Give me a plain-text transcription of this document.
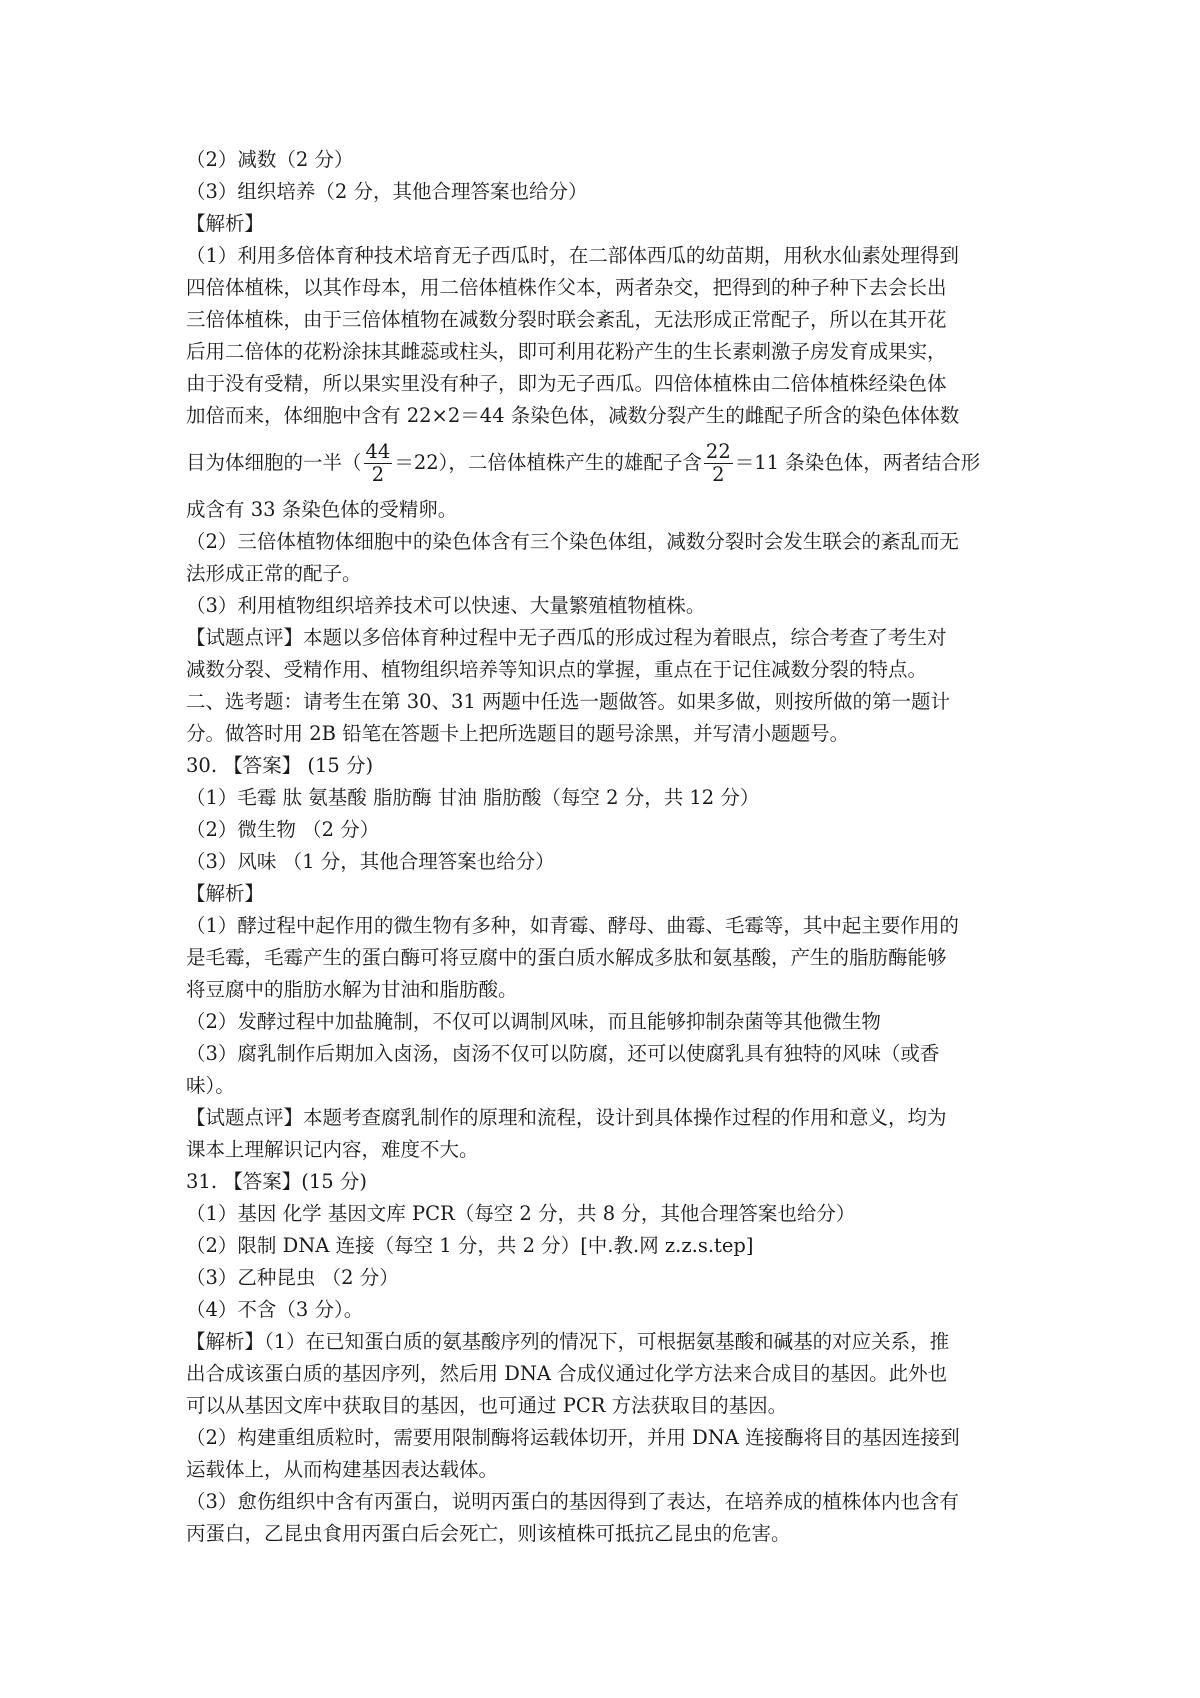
（2）减数（2 分）
（3）组织培养（2 分，其他合理答案也给分）
【解析】
（1）利用多倍体育种技术培育无子西瓜时，在二部体西瓜的幼苗期，用秋水仙素处理得到
四倍体植株，以其作母本，用二倍体植株作父本，两者杂交，把得到的种子种下去会长出
三倍体植株，由于三倍体植物在减数分裂时联会紊乱，无法形成正常配子，所以在其开花
后用二倍体的花粉涂抹其雌蕊或柱头，即可利用花粉产生的生长素刺激子房发育成果实，
由于没有受精，所以果实里没有种子，即为无子西瓜。四倍体植株由二倍体植株经染色体
加倍而来，体细胞中含有 22×2＝44 条染色体，减数分裂产生的雌配子所含的染色体体数
目为体细胞的一半（ $\frac{44}{2} =22$），二倍体植株产生的雄配子含 $\frac{22}{2} =11$ 条染色体，两者结合形
成含有 33 条染色体的受精卵。
（2）三倍体植物体细胞中的染色体含有三个染色体组，减数分裂时会发生联会的紊乱而无
法形成正常的配子。
（3）利用植物组织培养技术可以快速、大量繁殖植物植株。
【试题点评】本题以多倍体育种过程中无子西瓜的形成过程为着眼点，综合考查了考生对
减数分裂、受精作用、植物组织培养等知识点的掌握，重点在于记住减数分裂的特点。
二、选考题：请考生在第 30、31 两题中任选一题做答。如果多做，则按所做的第一题计
分。做答时用 2B 铅笔在答题卡上把所选题目的题号涂黑，并写清小题题号。
30. 【答案】 (15 分)
（1）毛霉 肽 氨基酸 脂肪酶 甘油 脂肪酸（每空 2 分，共 12 分）
（2）微生物 （2 分）
（3）风味 （1 分，其他合理答案也给分）
【解析】
（1）酵过程中起作用的微生物有多种，如青霉、酵母、曲霉、毛霉等，其中起主要作用的
是毛霉，毛霉产生的蛋白酶可将豆腐中的蛋白质水解成多肽和氨基酸，产生的脂肪酶能够
将豆腐中的脂肪水解为甘油和脂肪酸。
（2）发酵过程中加盐腌制，不仅可以调制风味，而且能够抑制杂菌等其他微生物
（3）腐乳制作后期加入卤汤，卤汤不仅可以防腐，还可以使腐乳具有独特的风味（或香
味）。
【试题点评】本题考查腐乳制作的原理和流程，设计到具体操作过程的作用和意义，均为
课本上理解识记内容，难度不大。
31. 【答案】(15 分)
（1）基因 化学 基因文库 PCR（每空 2 分，共 8 分，其他合理答案也给分）
（2）限制 DNA 连接（每空 1 分，共 2 分）[中.教.网 z.z.s.tep]
（3）乙种昆虫 （2 分）
（4）不含（3 分）。
【解析】（1）在已知蛋白质的氨基酸序列的情况下，可根据氨基酸和碱基的对应关系，推
出合成该蛋白质的基因序列，然后用 DNA 合成仪通过化学方法来合成目的基因。此外也
可以从基因文库中获取目的基因，也可通过 PCR 方法获取目的基因。
（2）构建重组质粒时，需要用限制酶将运载体切开，并用 DNA 连接酶将目的基因连接到
运载体上，从而构建基因表达载体。
（3）愈伤组织中含有丙蛋白，说明丙蛋白的基因得到了表达，在培养成的植株体内也含有
丙蛋白，乙昆虫食用丙蛋白后会死亡，则该植株可抵抗乙昆虫的危害。
